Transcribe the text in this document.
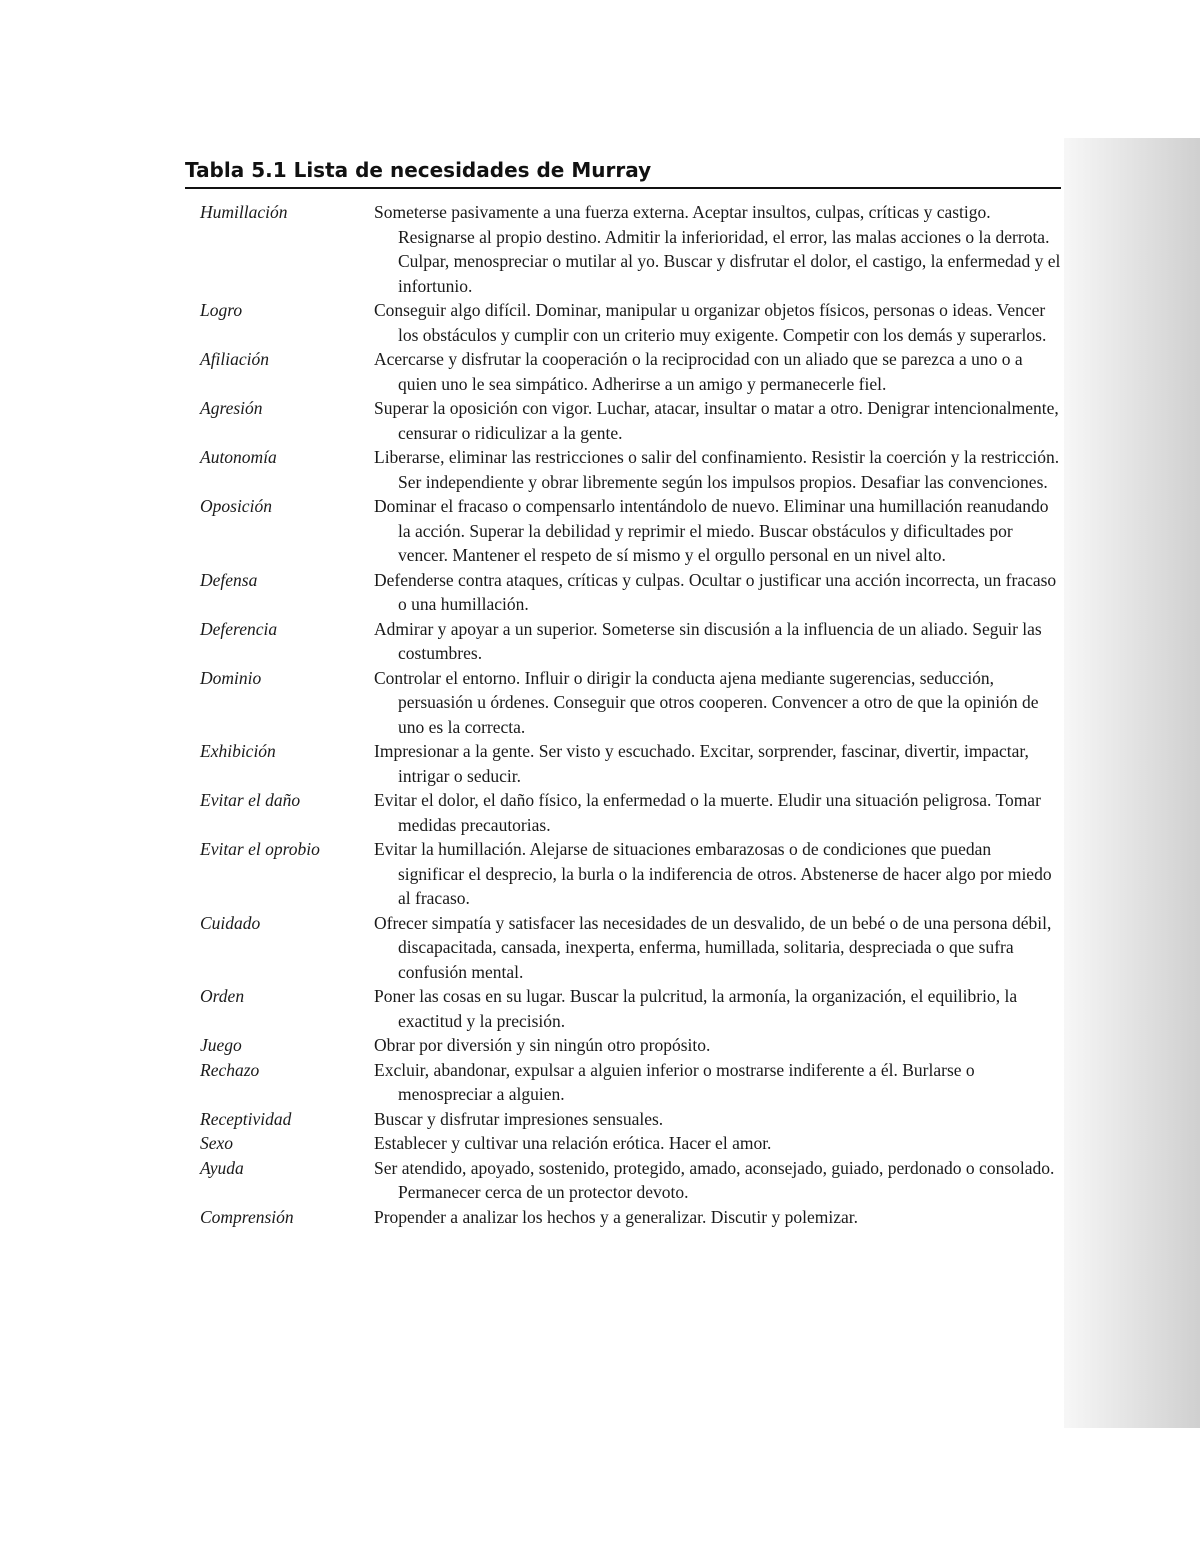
Tabla 5.1 Lista de necesidades de Murray
Humillación	Someterse pasivamente a una fuerza externa. Aceptar insultos, culpas, críticas y castigo. Resignarse al propio destino. Admitir la inferioridad, el error, las malas acciones o la derrota. Culpar, menospreciar o mutilar al yo. Buscar y disfrutar el dolor, el castigo, la enfermedad y el infortunio.
Logro	Conseguir algo difícil. Dominar, manipular u organizar objetos físicos, personas o ideas. Vencer los obstáculos y cumplir con un criterio muy exigente. Competir con los demás y superarlos.
Afiliación	Acercarse y disfrutar la cooperación o la reciprocidad con un aliado que se parezca a uno o a quien uno le sea simpático. Adherirse a un amigo y permanecerle fiel.
Agresión	Superar la oposición con vigor. Luchar, atacar, insultar o matar a otro. Denigrar intencionalmente, censurar o ridiculizar a la gente.
Autonomía	Liberarse, eliminar las restricciones o salir del confinamiento. Resistir la coerción y la restricción. Ser independiente y obrar libremente según los impulsos propios. Desafiar las convenciones.
Oposición	Dominar el fracaso o compensarlo intentándolo de nuevo. Eliminar una humillación reanudando la acción. Superar la debilidad y reprimir el miedo. Buscar obstáculos y dificultades por vencer. Mantener el respeto de sí mismo y el orgullo personal en un nivel alto.
Defensa	Defenderse contra ataques, críticas y culpas. Ocultar o justificar una acción incorrecta, un fracaso o una humillación.
Deferencia	Admirar y apoyar a un superior. Someterse sin discusión a la influencia de un aliado. Seguir las costumbres.
Dominio	Controlar el entorno. Influir o dirigir la conducta ajena mediante sugerencias, seducción, persuasión u órdenes. Conseguir que otros cooperen. Convencer a otro de que la opinión de uno es la correcta.
Exhibición	Impresionar a la gente. Ser visto y escuchado. Excitar, sorprender, fascinar, divertir, impactar, intrigar o seducir.
Evitar el daño	Evitar el dolor, el daño físico, la enfermedad o la muerte. Eludir una situación peligrosa. Tomar medidas precautorias.
Evitar el oprobio	Evitar la humillación. Alejarse de situaciones embarazosas o de condiciones que puedan significar el desprecio, la burla o la indiferencia de otros. Abstenerse de hacer algo por miedo al fracaso.
Cuidado	Ofrecer simpatía y satisfacer las necesidades de un desvalido, de un bebé o de una persona débil, discapacitada, cansada, inexperta, enferma, humillada, solitaria, despreciada o que sufra confusión mental.
Orden	Poner las cosas en su lugar. Buscar la pulcritud, la armonía, la organización, el equilibrio, la exactitud y la precisión.
Juego	Obrar por diversión y sin ningún otro propósito.
Rechazo	Excluir, abandonar, expulsar a alguien inferior o mostrarse indiferente a él. Burlarse o menospreciar a alguien.
Receptividad	Buscar y disfrutar impresiones sensuales.
Sexo	Establecer y cultivar una relación erótica. Hacer el amor.
Ayuda	Ser atendido, apoyado, sostenido, protegido, amado, aconsejado, guiado, perdonado o consolado. Permanecer cerca de un protector devoto.
Comprensión	Propender a analizar los hechos y a generalizar. Discutir y polemizar.
